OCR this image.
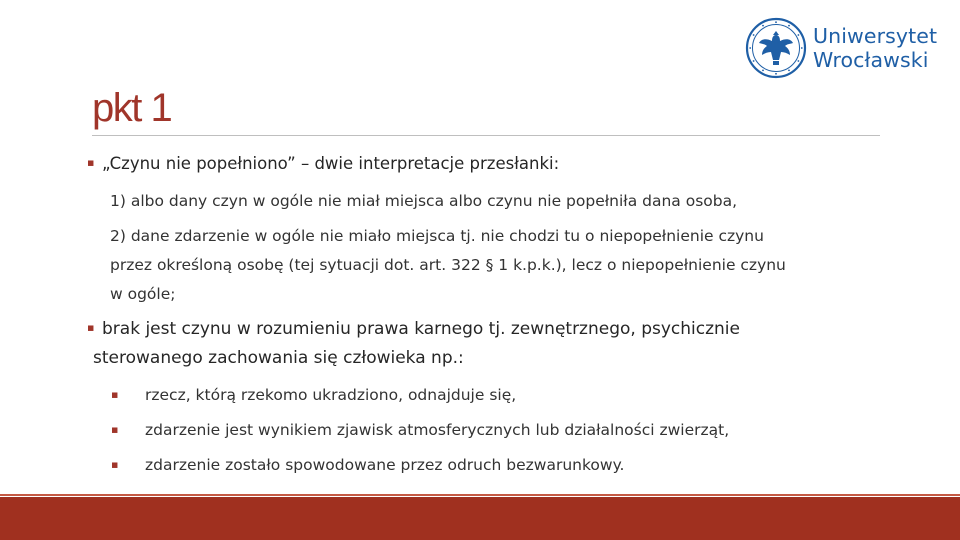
Uniwersytet
Wrocławski
pkt 1
▪ „Czynu nie popełniono” – dwie interpretacje przesłanki:
1) albo dany czyn w ogóle nie miał miejsca albo czynu nie popełniła dana osoba,
2) dane zdarzenie w ogóle nie miało miejsca tj. nie chodzi tu o niepopełnienie czynu
przez określoną osobę (tej sytuacji dot. art. 322 § 1 k.p.k.), lecz o niepopełnienie czynu
w ogóle;
▪ brak jest czynu w rozumieniu prawa karnego tj. zewnętrznego, psychicznie
sterowanego zachowania się człowieka np.:
▪ rzecz, którą rzekomo ukradziono, odnajduje się,
▪ zdarzenie jest wynikiem zjawisk atmosferycznych lub działalności zwierząt,
▪ zdarzenie zostało spowodowane przez odruch bezwarunkowy.
